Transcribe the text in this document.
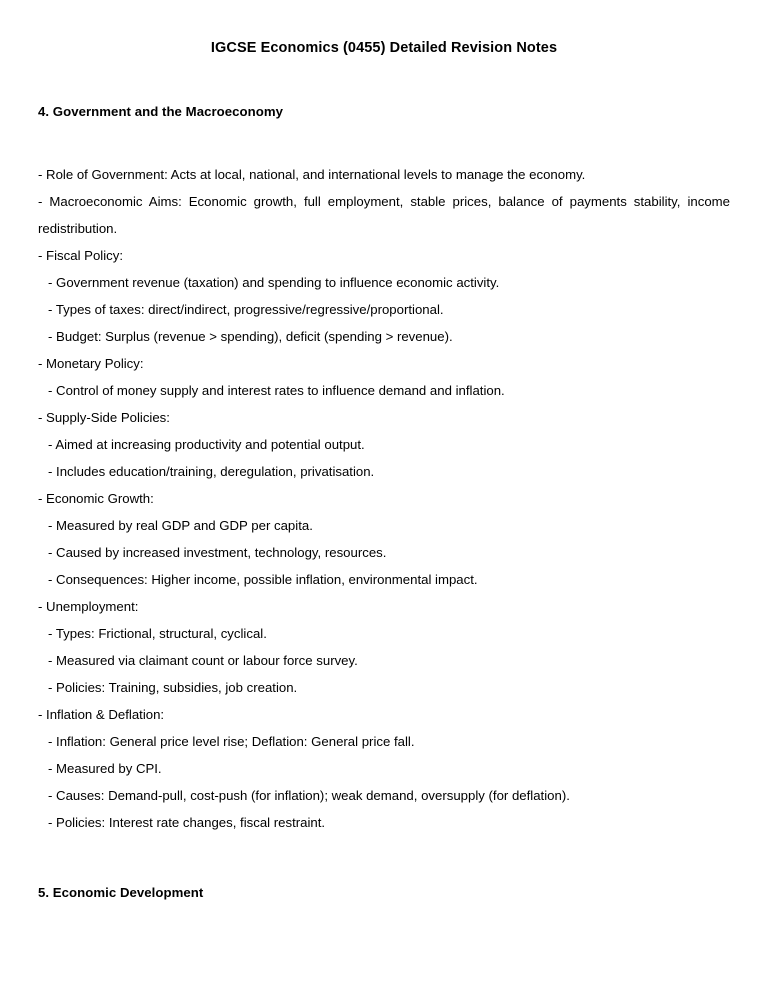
IGCSE Economics (0455) Detailed Revision Notes
4. Government and the Macroeconomy

- Role of Government: Acts at local, national, and international levels to manage the economy.

- Macroeconomic Aims: Economic growth, full employment, stable prices, balance of payments stability, income redistribution.

- Fiscal Policy:

- Government revenue (taxation) and spending to influence economic activity.

- Types of taxes: direct/indirect, progressive/regressive/proportional.

- Budget: Surplus (revenue > spending), deficit (spending > revenue).

- Monetary Policy:

- Control of money supply and interest rates to influence demand and inflation.

- Supply-Side Policies:

- Aimed at increasing productivity and potential output.

- Includes education/training, deregulation, privatisation.

- Economic Growth:

- Measured by real GDP and GDP per capita.

- Caused by increased investment, technology, resources.

- Consequences: Higher income, possible inflation, environmental impact.

- Unemployment:

- Types: Frictional, structural, cyclical.

- Measured via claimant count or labour force survey.

- Policies: Training, subsidies, job creation.

- Inflation & Deflation:

- Inflation: General price level rise; Deflation: General price fall.

- Measured by CPI.

- Causes: Demand-pull, cost-push (for inflation); weak demand, oversupply (for deflation).

- Policies: Interest rate changes, fiscal restraint.

5. Economic Development
